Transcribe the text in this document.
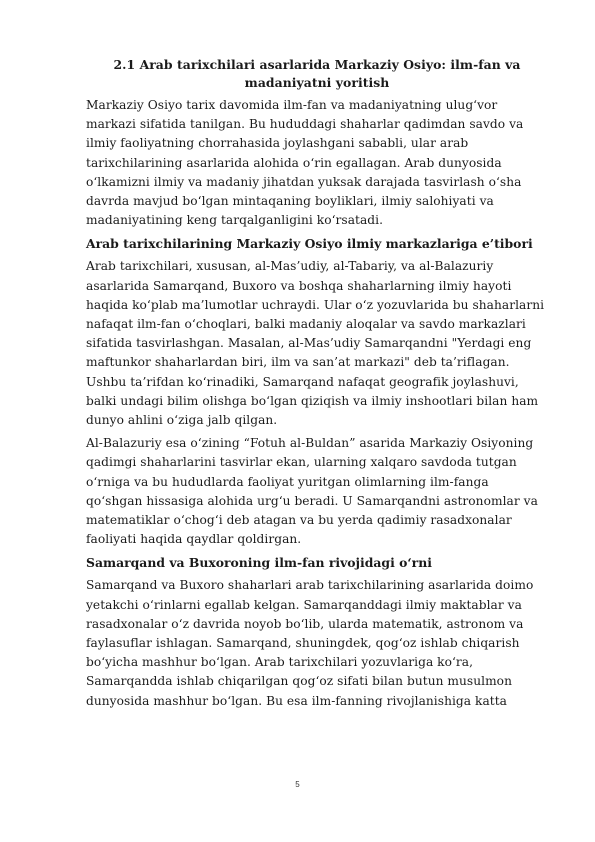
2.1 Arab tarixchilari asarlarida Markaziy Osiyo: ilm-fan va madaniyatni yoritish

Markaziy Osiyo tarix davomida ilm-fan va madaniyatning ulug‘vor markazi sifatida tanilgan. Bu hududdagi shaharlar qadimdan savdo va ilmiy faoliyatning chorrahasida joylashgani sababli, ular arab tarixchilarining asarlarida alohida o‘rin egallagan. Arab dunyosida o‘lkamizni ilmiy va madaniy jihatdan yuksak darajada tasvirlash o‘sha davrda mavjud bo‘lgan mintaqaning boyliklari, ilmiy salohiyati va madaniyatining keng tarqalganligini ko‘rsatadi.

Arab tarixchilarining Markaziy Osiyo ilmiy markazlariga e’tibori

Arab tarixchilari, xususan, al-Mas’udiy, al-Tabariy, va al-Balazuriy asarlarida Samarqand, Buxoro va boshqa shaharlarning ilmiy hayoti haqida ko‘plab ma’lumotlar uchraydi. Ular o‘z yozuvlarida bu shaharlarni nafaqat ilm-fan o‘choqlari, balki madaniy aloqalar va savdo markazlari sifatida tasvirlashgan. Masalan, al-Mas’udiy Samarqandni "Yerdagi eng maftunkor shaharlardan biri, ilm va san’at markazi" deb ta’riflagan. Ushbu ta’rifdan ko‘rinadiki, Samarqand nafaqat geografik joylashuvi, balki undagi bilim olishga bo‘lgan qiziqish va ilmiy inshootlari bilan ham dunyo ahlini o‘ziga jalb qilgan.

Al-Balazuriy esa o‘zining “Fotuh al-Buldan” asarida Markaziy Osiyoning qadimgi shaharlarini tasvirlar ekan, ularning xalqaro savdoda tutgan o‘rniga va bu hududlarda faoliyat yuritgan olimlarning ilm-fanga qo‘shgan hissasiga alohida urg‘u beradi. U Samarqandni astronomlar va matematiklar o‘chog‘i deb atagan va bu yerda qadimiy rasadxonalar faoliyati haqida qaydlar qoldirgan.

Samarqand va Buxoroning ilm-fan rivojidagi o‘rni

Samarqand va Buxoro shaharlari arab tarixchilarining asarlarida doimo yetakchi o‘rinlarni egallab kelgan. Samarqanddagi ilmiy maktablar va rasadxonalar o‘z davrida noyob bo‘lib, ularda matematik, astronom va faylasuflar ishlagan. Samarqand, shuningdek, qog‘oz ishlab chiqarish bo‘yicha mashhur bo‘lgan. Arab tarixchilari yozuvlariga ko‘ra, Samarqandda ishlab chiqarilgan qog‘oz sifati bilan butun musulmon dunyosida mashhur bo‘lgan. Bu esa ilm-fanning rivojlanishiga katta

5
